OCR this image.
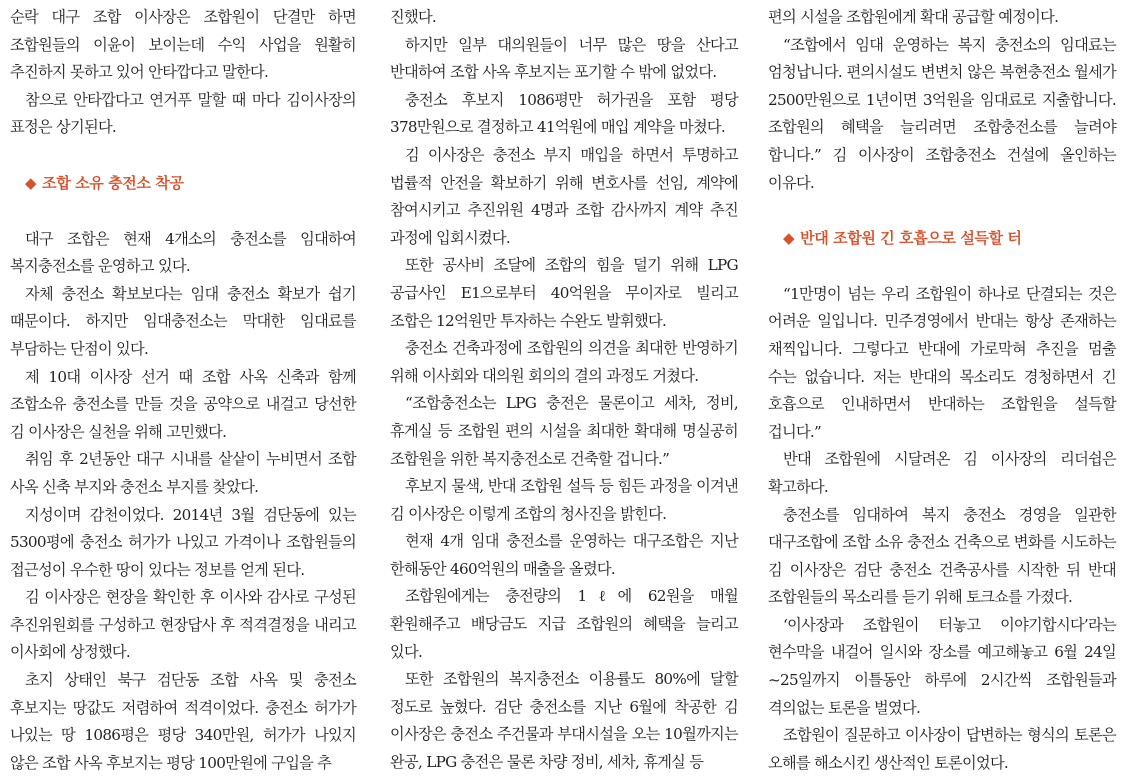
순락 대구 조합 이사장은 조합원이 단결만 하면 조합원들의 이윤이 보이는데 수익 사업을 원활히 추진하지 못하고 있어 안타깝다고 말한다.

참으로 안타깝다고 연거푸 말할 때 마다 김이사장의 표정은 상기된다.

◆ 조합 소유 충전소 착공

대구 조합은 현재 4개소의 충전소를 임대하여 복지충전소를 운영하고 있다.

자체 충전소 확보보다는 임대 충전소 확보가 쉽기 때문이다. 하지만 임대충전소는 막대한 임대료를 부담하는 단점이 있다.

제 10대 이사장 선거 때 조합 사옥 신축과 함께 조합소유 충전소를 만들 것을 공약으로 내걸고 당선한 김 이사장은 실천을 위해 고민했다.

취임 후 2년동안 대구 시내를 샅샅이 누비면서 조합 사옥 신축 부지와 충전소 부지를 찾았다.

지성이며 감천이었다. 2014년 3월 검단동에 있는 5300평에 충전소 허가가 나있고 가격이나 조합원들의 접근성이 우수한 땅이 있다는 정보를 얻게 된다.

김 이사장은 현장을 확인한 후 이사와 감사로 구성된 추진위원회를 구성하고 현장답사 후 적격결정을 내리고 이사회에 상정했다.

초지 상태인 북구 검단동 조합 사옥 및 충전소 후보지는 땅값도 저렴하여 적격이었다. 충전소 허가가 나있는 땅 1086평은 평당 340만원, 허가가 나있지 않은 조합 사옥 후보지는 평당 100만원에 구입을 추

진했다.

하지만 일부 대의원들이 너무 많은 땅을 산다고 반대하여 조합 사옥 후보지는 포기할 수 밖에 없었다.

충전소 후보지 1086평만 허가권을 포함 평당 378만원으로 결정하고 41억원에 매입 계약을 마쳤다.

김 이사장은 충전소 부지 매입을 하면서 투명하고 법률적 안전을 확보하기 위해 변호사를 선임, 계약에 참여시키고 추진위원 4명과 조합 감사까지 계약 추진 과정에 입회시켰다.

또한 공사비 조달에 조합의 힘을 덜기 위해 LPG 공급사인 E1으로부터 40억원을 무이자로 빌리고 조합은 12억원만 투자하는 수완도 발휘했다.

충전소 건축과정에 조합원의 의견을 최대한 반영하기 위해 이사회와 대의원 회의의 결의 과정도 거쳤다.

“조합충전소는 LPG 충전은 물론이고 세차, 정비, 휴게실 등 조합원 편의 시설을 최대한 확대해 명실공히 조합원을 위한 복지충전소로 건축할 겁니다.”

후보지 물색, 반대 조합원 설득 등 힘든 과정을 이겨낸 김 이사장은 이렇게 조합의 청사진을 밝힌다.

현재 4개 임대 충전소를 운영하는 대구조합은 지난 한해동안 460억원의 매출을 올렸다.

조합원에게는 충전량의 1ℓ에 62원을 매월 환원해주고 배당금도 지급 조합원의 혜택을 늘리고 있다.

또한 조합원의 복지충전소 이용률도 80%에 달할 정도로 높혔다. 검단 충전소를 지난 6월에 착공한 김 이사장은 충전소 주건물과 부대시설을 오는 10월까지는 완공, LPG 충전은 물론 차량 정비, 세차, 휴게실 등

편의 시설을 조합원에게 확대 공급할 예정이다.

“조합에서 임대 운영하는 복지 충전소의 임대료는 엄청납니다. 편의시설도 변변치 않은 복현충전소 월세가 2500만원으로 1년이면 3억원을 임대료로 지출합니다. 조합원의 혜택을 늘리려면 조합충전소를 늘려야 합니다.” 김 이사장이 조합충전소 건설에 올인하는 이유다.

◆ 반대 조합원 긴 호흡으로 설득할 터

“1만명이 넘는 우리 조합원이 하나로 단결되는 것은 어려운 일입니다. 민주경영에서 반대는 항상 존재하는 채찍입니다. 그렇다고 반대에 가로막혀 추진을 멈출 수는 없습니다. 저는 반대의 목소리도 경청하면서 긴 호흡으로 인내하면서 반대하는 조합원을 설득할 겁니다.”

반대 조합원에 시달려온 김 이사장의 리더쉽은 확고하다.

충전소를 임대하여 복지 충전소 경영을 일관한 대구조합에 조합 소유 충전소 건축으로 변화를 시도하는 김 이사장은 검단 충전소 건축공사를 시작한 뒤 반대 조합원들의 목소리를 듣기 위해 토크쇼를 가졌다.

‘이사장과 조합원이 터놓고 이야기합시다’라는 현수막을 내걸어 일시와 장소를 예고해놓고 6월 24일~25일까지 이틀동안 하루에 2시간씩 조합원들과 격의없는 토론을 벌였다.

조합원이 질문하고 이사장이 답변하는 형식의 토론은 오해를 해소시킨 생산적인 토론이었다.
